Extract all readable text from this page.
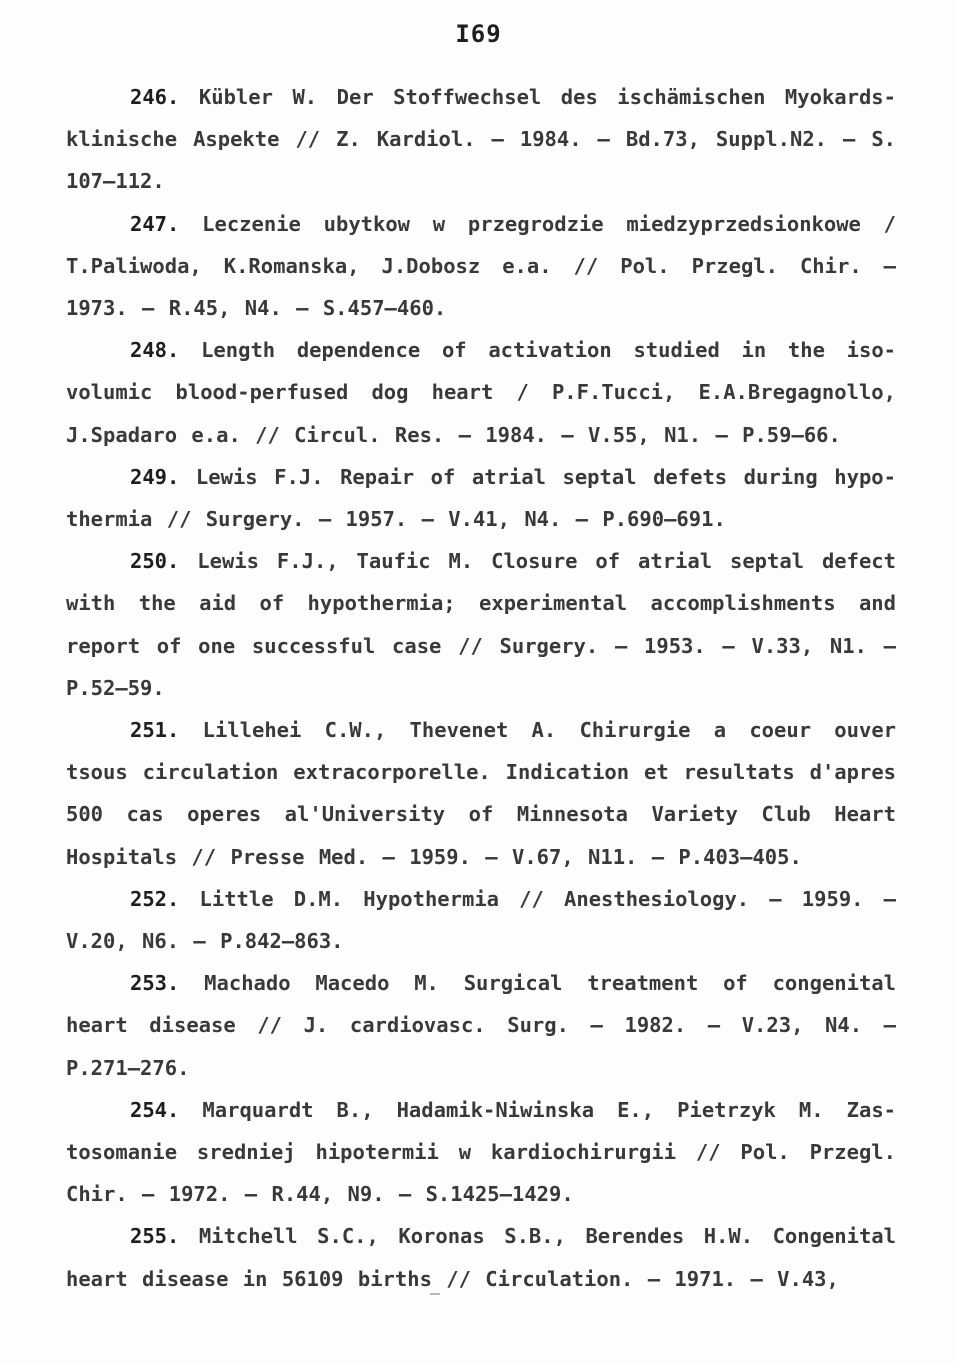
I69

246. Kübler W. Der Stoffwechsel des ischämischen Myokards-klinische Aspekte // Z. Kardiol. – 1984. – Bd.73, Suppl.N2. – S. 107–112.

247. Leczenie ubytkow w przegrodzie miedzyprzedsionkowe / T.Paliwoda, K.Romanska, J.Dobosz e.a. // Pol. Przegl. Chir. – 1973. – R.45, N4. – S.457–460.

248. Length dependence of activation studied in the iso-volumic blood-perfused dog heart / P.F.Tucci, E.A.Bregagnollo, J.Spadaro e.a. // Circul. Res. – 1984. – V.55, N1. – P.59–66.

249. Lewis F.J. Repair of atrial septal defets during hypo-thermia // Surgery. – 1957. – V.41, N4. – P.690–691.

250. Lewis F.J., Taufic M. Closure of atrial septal defect with the aid of hypothermia; experimental accomplishments and report of one successful case // Surgery. – 1953. – V.33, N1. – P.52–59.

251. Lillehei C.W., Thevenet A. Chirurgie a coeur ouver tsous circulation extracorporelle. Indication et resultats d'apres 500 cas operes al'University of Minnesota Variety Club Heart Hospitals // Presse Med. – 1959. – V.67, N11. – P.403–405.

252. Little D.M. Hypothermia // Anesthesiology. – 1959. – V.20, N6. – P.842–863.

253. Machado Macedo M. Surgical treatment of congenital heart disease // J. cardiovasc. Surg. – 1982. – V.23, N4. – P.271–276.

254. Marquardt B., Hadamik-Niwinska E., Pietrzyk M. Zas-tosomanie sredniej hipotermii w kardiochirurgii // Pol. Przegl. Chir. – 1972. – R.44, N9. – S.1425–1429.

255. Mitchell S.C., Koronas S.B., Berendes H.W. Congenital heart disease in 56109 births // Circulation. – 1971. – V.43,
